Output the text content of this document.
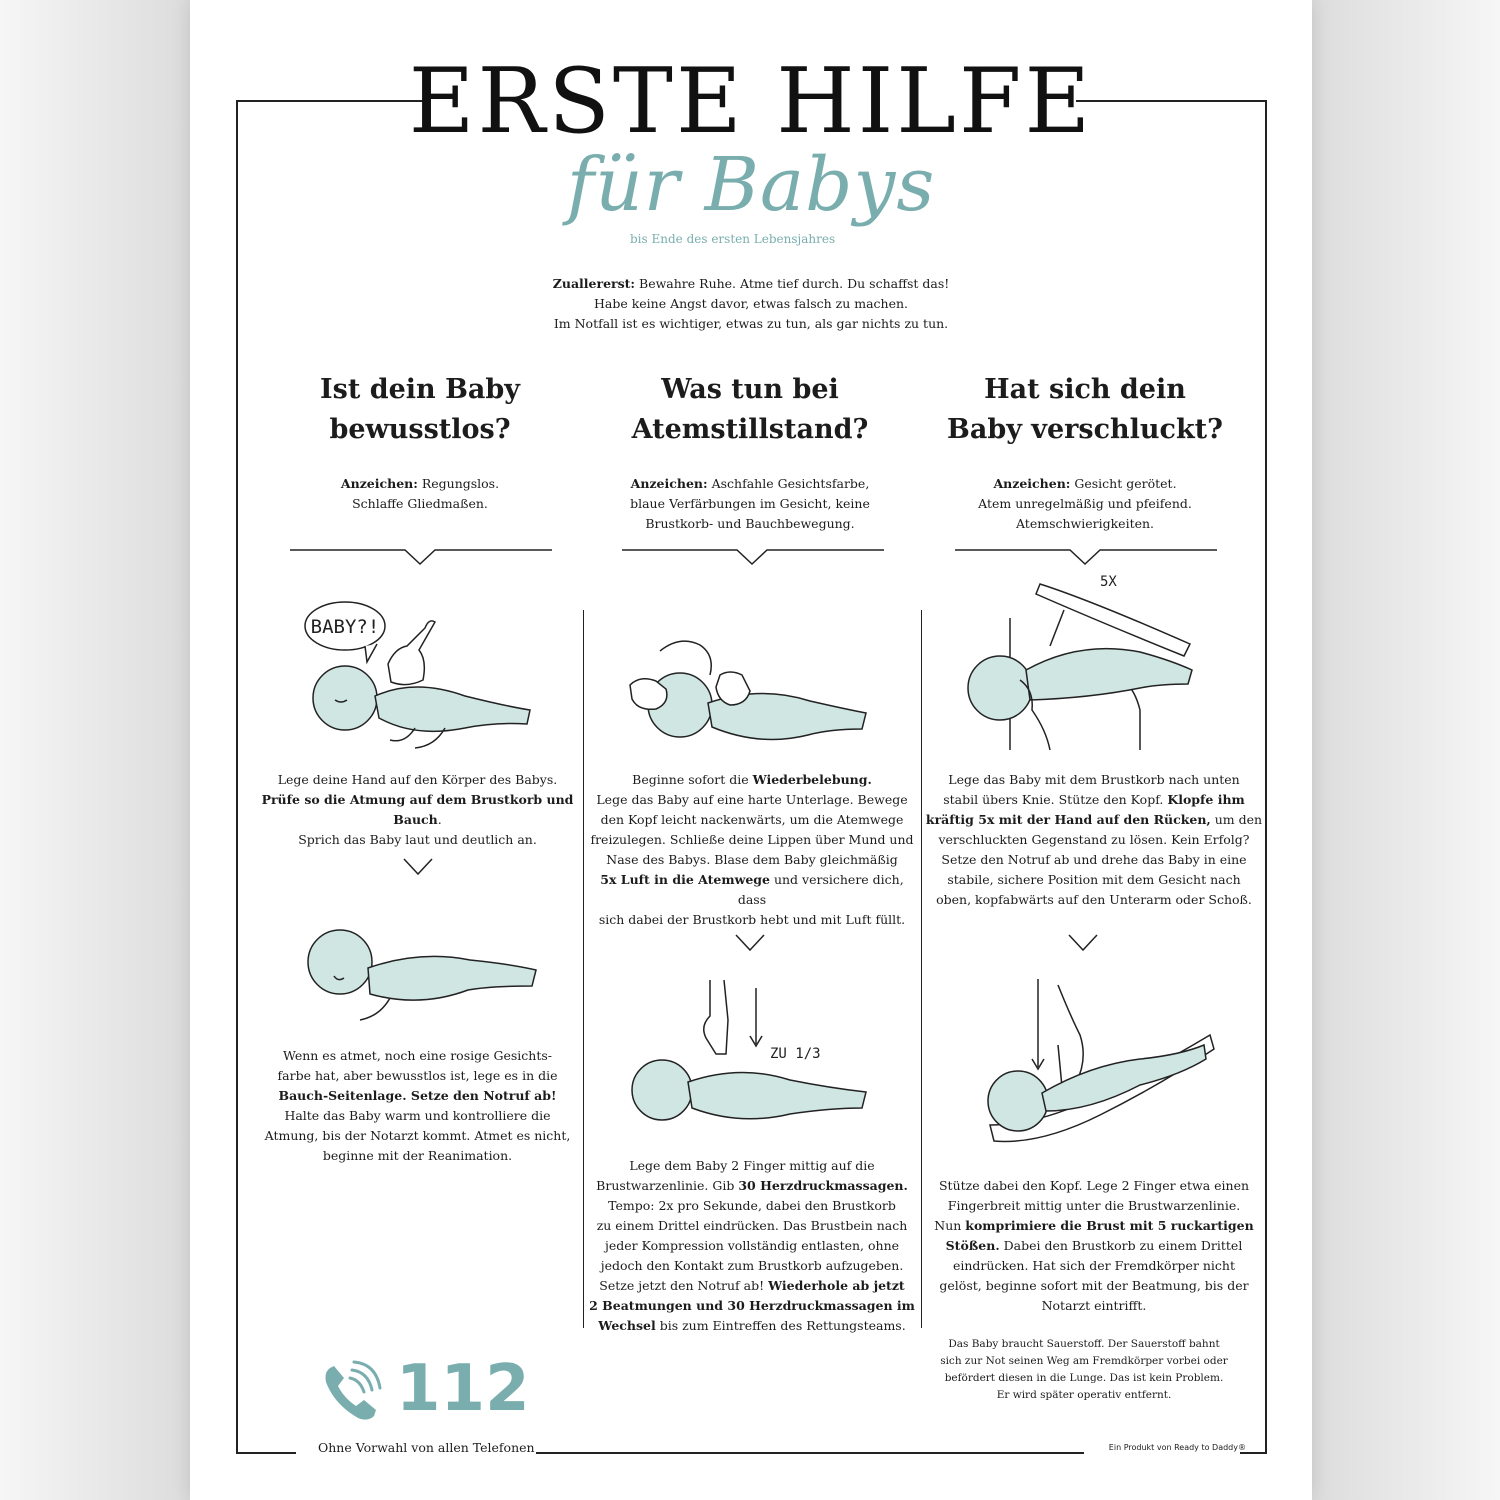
ERSTE HILFE
für Babys
bis Ende des ersten Lebensjahres
Zuallererst: Bewahre Ruhe. Atme tief durch. Du schaffst das!
Habe keine Angst davor, etwas falsch zu machen.
Im Notfall ist es wichtiger, etwas zu tun, als gar nichts zu tun.
Ist dein Baby
bewusstlos?
Anzeichen: Regungslos.
Schlaffe Gliedmaßen.
Was tun bei
Atemstillstand?
Anzeichen: Aschfahle Gesichtsfarbe,
blaue Verfärbungen im Gesicht, keine
Brustkorb- und Bauchbewegung.
Hat sich dein
Baby verschluckt?
Anzeichen: Gesicht gerötet.
Atem unregelmäßig und pfeifend.
Atemschwierigkeiten.
BABY?!
ZU 1/3
5X
Lege deine Hand auf den Körper des Babys.
Prüfe so die Atmung auf dem Brustkorb und Bauch.
Sprich das Baby laut und deutlich an.
Wenn es atmet, noch eine rosige Gesichts-
farbe hat, aber bewusstlos ist, lege es in die
Bauch-Seitenlage. Setze den Notruf ab!
Halte das Baby warm und kontrolliere die
Atmung, bis der Notarzt kommt. Atmet es nicht,
beginne mit der Reanimation.
Beginne sofort die Wiederbelebung.
Lege das Baby auf eine harte Unterlage. Bewege
den Kopf leicht nackenwärts, um die Atemwege
freizulegen. Schließe deine Lippen über Mund und
Nase des Babys. Blase dem Baby gleichmäßig
5x Luft in die Atemwege und versichere dich, dass
sich dabei der Brustkorb hebt und mit Luft füllt.
Lege dem Baby 2 Finger mittig auf die
Brustwarzenlinie. Gib 30 Herzdruckmassagen.
Tempo: 2x pro Sekunde, dabei den Brustkorb
zu einem Drittel eindrücken. Das Brustbein nach
jeder Kompression vollständig entlasten, ohne
jedoch den Kontakt zum Brustkorb aufzugeben.
Setze jetzt den Notruf ab! Wiederhole ab jetzt
2 Beatmungen und 30 Herzdruckmassagen im
Wechsel bis zum Eintreffen des Rettungsteams.
Lege das Baby mit dem Brustkorb nach unten
stabil übers Knie. Stütze den Kopf. Klopfe ihm
kräftig 5x mit der Hand auf den Rücken, um den
verschluckten Gegenstand zu lösen. Kein Erfolg?
Setze den Notruf ab und drehe das Baby in eine
stabile, sichere Position mit dem Gesicht nach
oben, kopfabwärts auf den Unterarm oder Schoß.
Stütze dabei den Kopf. Lege 2 Finger etwa einen
Fingerbreit mittig unter die Brustwarzenlinie.
Nun komprimiere die Brust mit 5 ruckartigen
Stößen. Dabei den Brustkorb zu einem Drittel
eindrücken. Hat sich der Fremdkörper nicht
gelöst, beginne sofort mit der Beatmung, bis der
Notarzt eintrifft.
Das Baby braucht Sauerstoff. Der Sauerstoff bahnt
sich zur Not seinen Weg am Fremdkörper vorbei oder
befördert diesen in die Lunge. Das ist kein Problem.
Er wird später operativ entfernt.
112
Ohne Vorwahl von allen Telefonen	Ein Produkt von Ready to Daddy®
